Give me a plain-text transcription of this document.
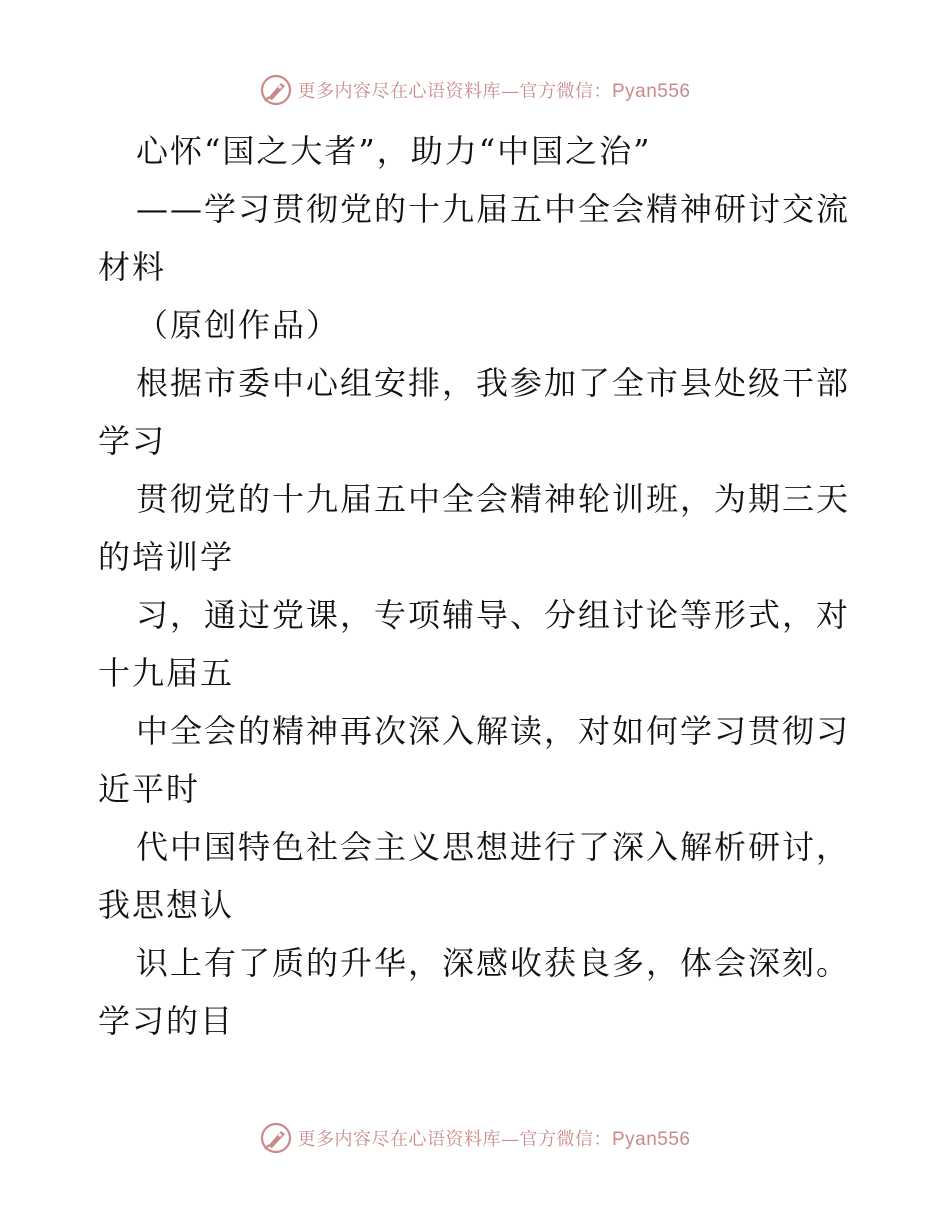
更多内容尽在心语资料库—官方微信：Pyan556
心怀“国之大者”，助力“中国之治”
——学习贯彻党的十九届五中全会精神研讨交流
材料
（原创作品）
根据市委中心组安排，我参加了全市县处级干部
学习
贯彻党的十九届五中全会精神轮训班，为期三天
的培训学
习，通过党课，专项辅导、分组讨论等形式，对
十九届五
中全会的精神再次深入解读，对如何学习贯彻习
近平时
代中国特色社会主义思想进行了深入解析研讨，
我思想认
识上有了质的升华，深感收获良多，体会深刻。
学习的目
更多内容尽在心语资料库—官方微信：Pyan556
